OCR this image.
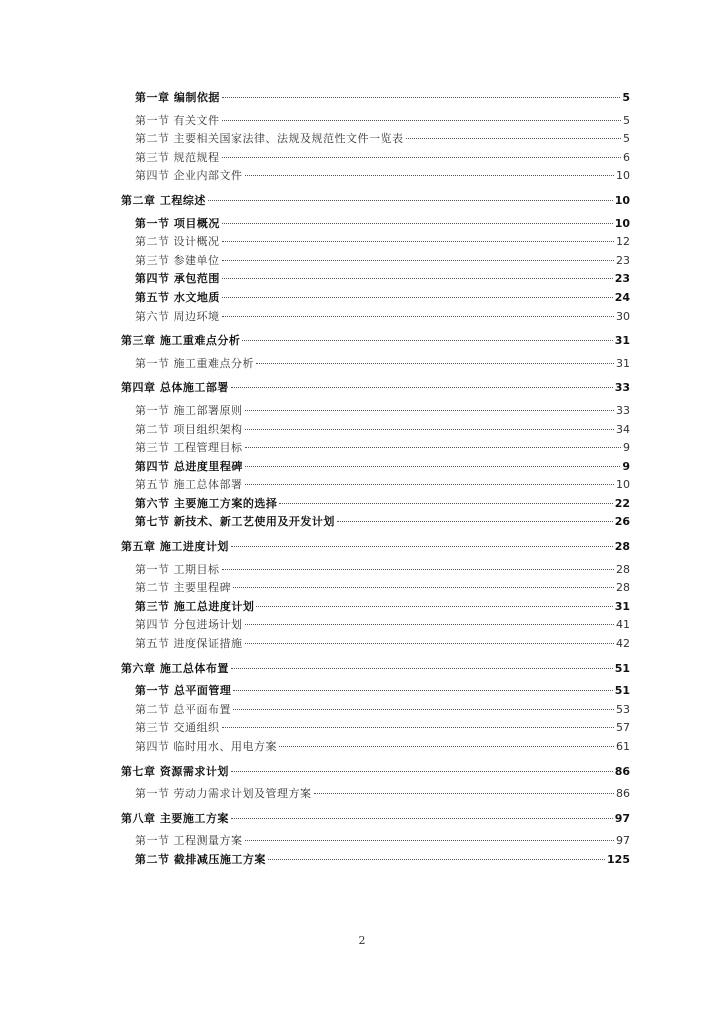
第一章 编制依据	5
第一节 有关文件	5
第二节 主要相关国家法律、法规及规范性文件一览表	5
第三节 规范规程	6
第四节 企业内部文件	10
第二章 工程综述	10
第一节 项目概况	10
第二节 设计概况	12
第三节 参建单位	23
第四节 承包范围	23
第五节 水文地质	24
第六节 周边环境	30
第三章 施工重难点分析	31
第一节 施工重难点分析	31
第四章 总体施工部署	33
第一节 施工部署原则	33
第二节 项目组织架构	34
第三节 工程管理目标	9
第四节 总进度里程碑	9
第五节 施工总体部署	10
第六节 主要施工方案的选择	22
第七节 新技术、新工艺使用及开发计划	26
第五章 施工进度计划	28
第一节 工期目标	28
第二节 主要里程碑	28
第三节 施工总进度计划	31
第四节 分包进场计划	41
第五节 进度保证措施	42
第六章 施工总体布置	51
第一节 总平面管理	51
第二节 总平面布置	53
第三节 交通组织	57
第四节 临时用水、用电方案	61
第七章 资源需求计划	86
第一节 劳动力需求计划及管理方案	86
第八章 主要施工方案	97
第一节 工程测量方案	97
第二节 截排减压施工方案	125
2
